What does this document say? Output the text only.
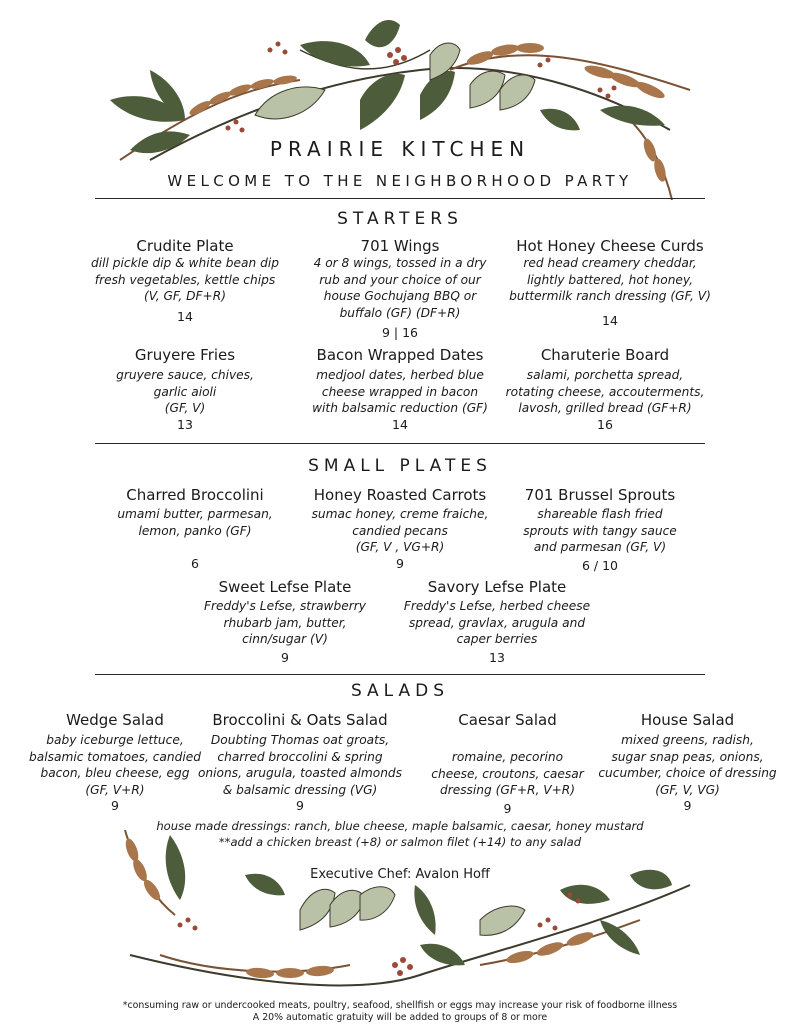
PRAIRIE KITCHEN
WELCOME TO THE NEIGHBORHOOD PARTY
STARTERS
Crudite Plate
dill pickle dip & white bean dip
fresh vegetables, kettle chips
(V, GF, DF+R)
14
701 Wings
4 or 8 wings, tossed in a dry
rub and your choice of our
house Gochujang BBQ or
buffalo (GF) (DF+R)
9 | 16
Hot Honey Cheese Curds
red head creamery cheddar,
lightly battered, hot honey,
buttermilk ranch dressing (GF, V)
14
Gruyere Fries
gruyere sauce, chives,
garlic aioli
(GF, V)
13
Bacon Wrapped Dates
medjool dates, herbed blue
cheese wrapped in bacon
with balsamic reduction (GF)
14
Charuterie Board
salami, porchetta spread,
rotating cheese, accouterments,
lavosh, grilled bread (GF+R)
16
SMALL PLATES
Charred Broccolini
umami butter, parmesan,
lemon, panko (GF)
6
Honey Roasted Carrots
sumac honey, creme fraiche,
candied pecans
(GF, V , VG+R)
9
701 Brussel Sprouts
shareable flash fried
sprouts with tangy sauce
and parmesan (GF, V)
6 / 10
Sweet Lefse Plate
Freddy's Lefse, strawberry
rhubarb jam, butter,
cinn/sugar (V)
9
Savory Lefse Plate
Freddy's Lefse, herbed cheese
spread, gravlax, arugula and
caper berries
13
SALADS
Wedge Salad
baby iceburge lettuce,
balsamic tomatoes, candied
bacon, bleu cheese, egg
(GF, V+R)
9
Broccolini & Oats Salad
Doubting Thomas oat groats,
charred broccolini & spring
onions, arugula, toasted almonds
& balsamic dressing (VG)
9
Caesar Salad
romaine, pecorino
cheese, croutons, caesar
dressing (GF+R, V+R)
9
House Salad
mixed greens, radish,
sugar snap peas, onions,
cucumber, choice of dressing
(GF, V, VG)
9
house made dressings: ranch, blue cheese, maple balsamic, caesar, honey mustard
**add a chicken breast (+8) or salmon filet (+14) to any salad
Executive Chef: Avalon Hoff
*consuming raw or undercooked meats, poultry, seafood, shellfish or eggs may increase your risk of foodborne illness
A 20% automatic gratuity will be added to groups of 8 or more
